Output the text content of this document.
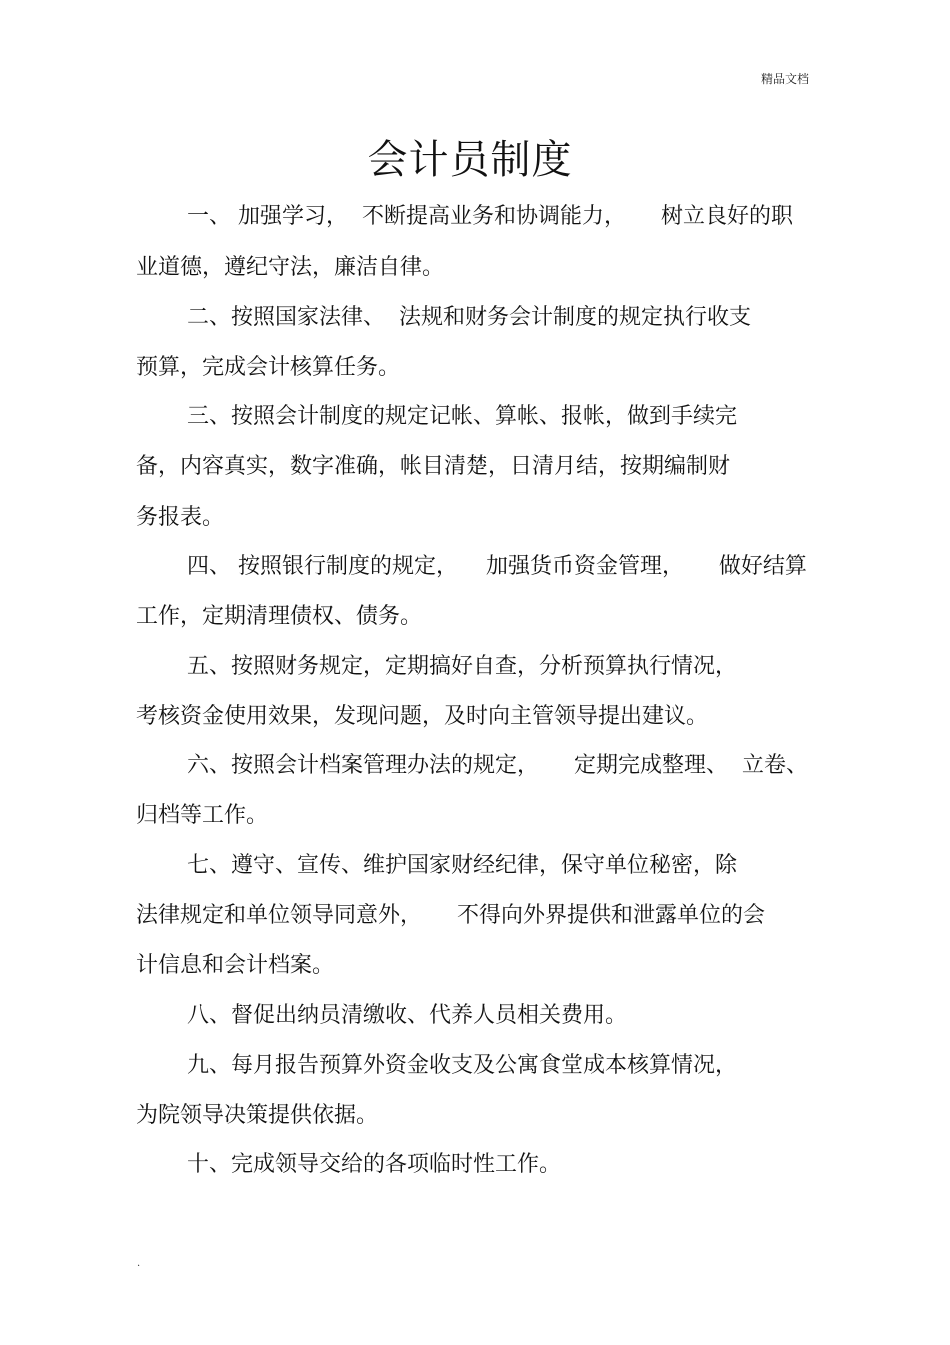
精品文档
会计员制度
一、 加强学习，  不断提高业务和协调能力，     树立良好的职
业道德，遵纪守法，廉洁自律。
二、按照国家法律、  法规和财务会计制度的规定执行收支
预算，完成会计核算任务。
三、按照会计制度的规定记帐、算帐、报帐，做到手续完
备，内容真实，数字准确，帐目清楚，日清月结，按期编制财
务报表。
四、 按照银行制度的规定，    加强货币资金管理，     做好结算
工作，定期清理债权、债务。
五、按照财务规定，定期搞好自查，分析预算执行情况，
考核资金使用效果，发现问题，及时向主管领导提出建议。
六、按照会计档案管理办法的规定，     定期完成整理、  立卷、
归档等工作。
七、遵守、宣传、维护国家财经纪律，保守单位秘密，除
法律规定和单位领导同意外，     不得向外界提供和泄露单位的会
计信息和会计档案。
八、督促出纳员清缴收、代养人员相关费用。
九、每月报告预算外资金收支及公寓食堂成本核算情况，
为院领导决策提供依据。
十、完成领导交给的各项临时性工作。
.
